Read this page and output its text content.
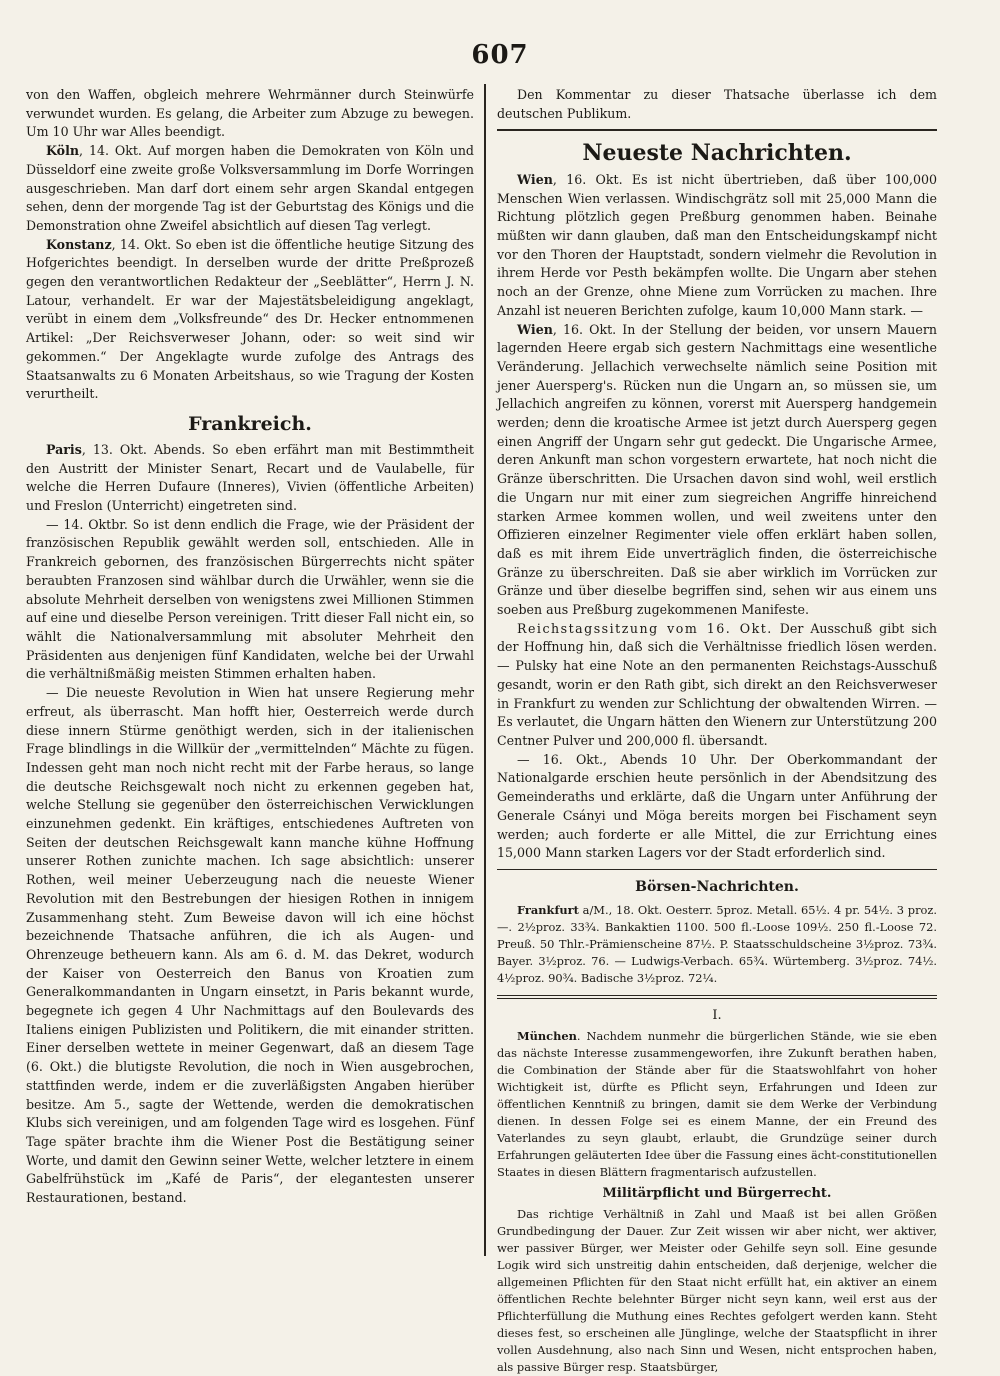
607

von den Waffen, obgleich mehrere Wehrmänner durch Steinwürfe verwundet wurden. Es gelang, die Arbeiter zum Abzuge zu bewegen. Um 10 Uhr war Alles beendigt.

Köln, 14. Okt. Auf morgen haben die Demokraten von Köln und Düsseldorf eine zweite große Volksversammlung im Dorfe Worringen ausgeschrieben. Man darf dort einem sehr argen Skandal entgegen sehen, denn der morgende Tag ist der Geburtstag des Königs und die Demonstration ohne Zweifel absichtlich auf diesen Tag verlegt.

Konstanz, 14. Okt. So eben ist die öffentliche heutige Sitzung des Hofgerichtes beendigt. In derselben wurde der dritte Preßprozeß gegen den verantwortlichen Redakteur der „Seeblätter“, Herrn J. N. Latour, verhandelt. Er war der Majestätsbeleidigung angeklagt, verübt in einem dem „Volksfreunde“ des Dr. Hecker entnommenen Artikel: „Der Reichsverweser Johann, oder: so weit sind wir gekommen.“ Der Angeklagte wurde zufolge des Antrags des Staatsanwalts zu 6 Monaten Arbeitshaus, so wie Tragung der Kosten verurtheilt.

Frankreich.

Paris, 13. Okt. Abends. So eben erfährt man mit Bestimmtheit den Austritt der Minister Senart, Recart und de Vaulabelle, für welche die Herren Dufaure (Inneres), Vivien (öffentliche Arbeiten) und Freslon (Unterricht) eingetreten sind.

— 14. Oktbr. So ist denn endlich die Frage, wie der Präsident der französischen Republik gewählt werden soll, entschieden. Alle in Frankreich gebornen, des französischen Bürgerrechts nicht später beraubten Franzosen sind wählbar durch die Urwähler, wenn sie die absolute Mehrheit derselben von wenigstens zwei Millionen Stimmen auf eine und dieselbe Person vereinigen. Tritt dieser Fall nicht ein, so wählt die Nationalversammlung mit absoluter Mehrheit den Präsidenten aus denjenigen fünf Kandidaten, welche bei der Urwahl die verhältnißmäßig meisten Stimmen erhalten haben.

— Die neueste Revolution in Wien hat unsere Regierung mehr erfreut, als überrascht. Man hofft hier, Oesterreich werde durch diese innern Stürme genöthigt werden, sich in der italienischen Frage blindlings in die Willkür der „vermittelnden“ Mächte zu fügen. Indessen geht man noch nicht recht mit der Farbe heraus, so lange die deutsche Reichsgewalt noch nicht zu erkennen gegeben hat, welche Stellung sie gegenüber den österreichischen Verwicklungen einzunehmen gedenkt. Ein kräftiges, entschiedenes Auftreten von Seiten der deutschen Reichsgewalt kann manche kühne Hoffnung unserer Rothen zunichte machen. Ich sage absichtlich: unserer Rothen, weil meiner Ueberzeugung nach die neueste Wiener Revolution mit den Bestrebungen der hiesigen Rothen in innigem Zusammenhang steht. Zum Beweise davon will ich eine höchst bezeichnende Thatsache anführen, die ich als Augen- und Ohrenzeuge betheuern kann. Als am 6. d. M. das Dekret, wodurch der Kaiser von Oesterreich den Banus von Kroatien zum Generalkommandanten in Ungarn einsetzt, in Paris bekannt wurde, begegnete ich gegen 4 Uhr Nachmittags auf den Boulevards des Italiens einigen Publizisten und Politikern, die mit einander stritten. Einer derselben wettete in meiner Gegenwart, daß an diesem Tage (6. Okt.) die blutigste Revolution, die noch in Wien ausgebrochen, stattfinden werde, indem er die zuverläßigsten Angaben hierüber besitze. Am 5., sagte der Wettende, werden die demokratischen Klubs sich vereinigen, und am folgenden Tage wird es losgehen. Fünf Tage später brachte ihm die Wiener Post die Bestätigung seiner Worte, und damit den Gewinn seiner Wette, welcher letztere in einem Gabelfrühstück im „Kafé de Paris“, der elegantesten unserer Restaurationen, bestand.

Den Kommentar zu dieser Thatsache überlasse ich dem deutschen Publikum.

Neueste Nachrichten.

Wien, 16. Okt. Es ist nicht übertrieben, daß über 100,000 Menschen Wien verlassen. Windischgrätz soll mit 25,000 Mann die Richtung plötzlich gegen Preßburg genommen haben. Beinahe müßten wir dann glauben, daß man den Entscheidungskampf nicht vor den Thoren der Hauptstadt, sondern vielmehr die Revolution in ihrem Herde vor Pesth bekämpfen wollte. Die Ungarn aber stehen noch an der Grenze, ohne Miene zum Vorrücken zu machen. Ihre Anzahl ist neueren Berichten zufolge, kaum 10,000 Mann stark. —

Wien, 16. Okt. In der Stellung der beiden, vor unsern Mauern lagernden Heere ergab sich gestern Nachmittags eine wesentliche Veränderung. Jellachich verwechselte nämlich seine Position mit jener Auersperg's. Rücken nun die Ungarn an, so müssen sie, um Jellachich angreifen zu können, vorerst mit Auersperg handgemein werden; denn die kroatische Armee ist jetzt durch Auersperg gegen einen Angriff der Ungarn sehr gut gedeckt. Die Ungarische Armee, deren Ankunft man schon vorgestern erwartete, hat noch nicht die Gränze überschritten. Die Ursachen davon sind wohl, weil erstlich die Ungarn nur mit einer zum siegreichen Angriffe hinreichend starken Armee kommen wollen, und weil zweitens unter den Offizieren einzelner Regimenter viele offen erklärt haben sollen, daß es mit ihrem Eide unverträglich finden, die österreichische Gränze zu überschreiten. Daß sie aber wirklich im Vorrücken zur Gränze und über dieselbe begriffen sind, sehen wir aus einem uns soeben aus Preßburg zugekommenen Manifeste.

Reichstagssitzung vom 16. Okt. Der Ausschuß gibt sich der Hoffnung hin, daß sich die Verhältnisse friedlich lösen werden. — Pulsky hat eine Note an den permanenten Reichstags-Ausschuß gesandt, worin er den Rath gibt, sich direkt an den Reichsverweser in Frankfurt zu wenden zur Schlichtung der obwaltenden Wirren. — Es verlautet, die Ungarn hätten den Wienern zur Unterstützung 200 Centner Pulver und 200,000 fl. übersandt.

— 16. Okt., Abends 10 Uhr. Der Oberkommandant der Nationalgarde erschien heute persönlich in der Abendsitzung des Gemeinderaths und erklärte, daß die Ungarn unter Anführung der Generale Csányi und Möga bereits morgen bei Fischament seyn werden; auch forderte er alle Mittel, die zur Errichtung eines 15,000 Mann starken Lagers vor der Stadt erforderlich sind.

Börsen-Nachrichten.

Frankfurt a/M., 18. Okt. Oesterr. 5proz. Metall. 65½. 4 pr. 54½. 3 proz. —. 2½proz. 33¾. Bankaktien 1100. 500 fl.-Loose 109½. 250 fl.-Loose 72. Preuß. 50 Thlr.-Prämienscheine 87½. P. Staatsschuldscheine 3½proz. 73¾. Bayer. 3½proz. 76. — Ludwigs-Verbach. 65¾. Würtemberg. 3½proz. 74½. 4½proz. 90¾. Badische 3½proz. 72¼.

I.

München. Nachdem nunmehr die bürgerlichen Stände, wie sie eben das nächste Interesse zusammengeworfen, ihre Zukunft berathen haben, die Combination der Stände aber für die Staatswohlfahrt von hoher Wichtigkeit ist, dürfte es Pflicht seyn, Erfahrungen und Ideen zur öffentlichen Kenntniß zu bringen, damit sie dem Werke der Verbindung dienen. In dessen Folge sei es einem Manne, der ein Freund des Vaterlandes zu seyn glaubt, erlaubt, die Grundzüge seiner durch Erfahrungen geläuterten Idee über die Fassung eines ächt-constitutionellen Staates in diesen Blättern fragmentarisch aufzustellen.

Militärpflicht und Bürgerrecht.

Das richtige Verhältniß in Zahl und Maaß ist bei allen Größen Grundbedingung der Dauer. Zur Zeit wissen wir aber nicht, wer aktiver, wer passiver Bürger, wer Meister oder Gehilfe seyn soll. Eine gesunde Logik wird sich unstreitig dahin entscheiden, daß derjenige, welcher die allgemeinen Pflichten für den Staat nicht erfüllt hat, ein aktiver an einem öffentlichen Rechte belehnter Bürger nicht seyn kann, weil erst aus der Pflichterfüllung die Muthung eines Rechtes gefolgert werden kann. Steht dieses fest, so erscheinen alle Jünglinge, welche der Staatspflicht in ihrer vollen Ausdehnung, also nach Sinn und Wesen, nicht entsprochen haben, als passive Bürger resp. Staatsbürger,
